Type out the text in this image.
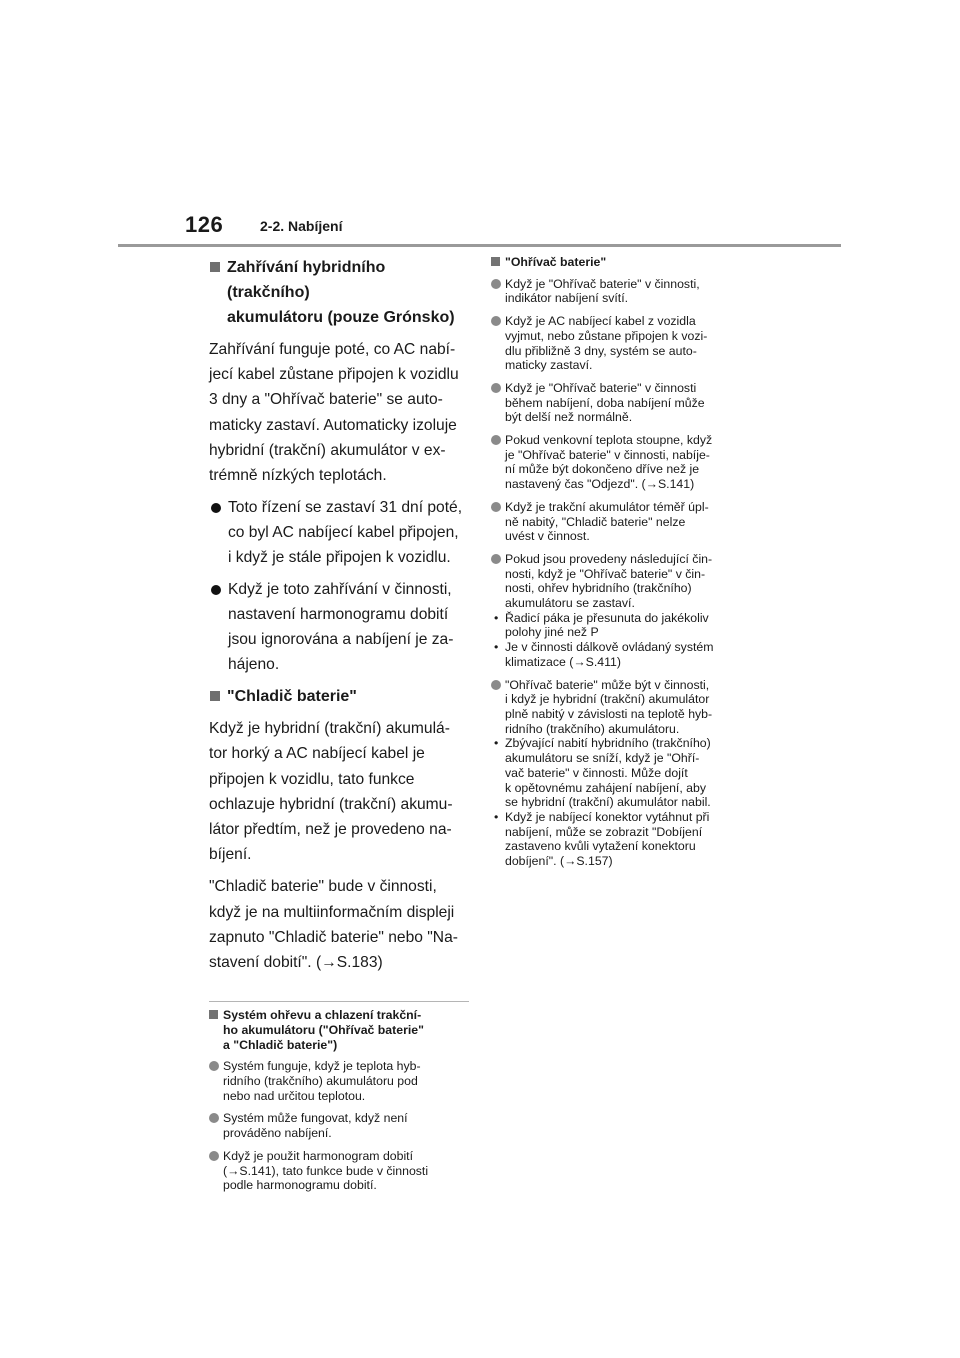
126	2-2. Nabíjení
Zahřívání hybridního (trakčního)
akumulátoru (pouze Grónsko)
Zahřívání funguje poté, co AC nabí-
jecí kabel zůstane připojen k vozidlu
3 dny a "Ohřívač baterie" se auto-
maticky zastaví. Automaticky izoluje
hybridní (trakční) akumulátor v ex-
trémně nízkých teplotách.
Toto řízení se zastaví 31 dní poté,
co byl AC nabíjecí kabel připojen,
i když je stále připojen k vozidlu.
Když je toto zahřívání v činnosti,
nastavení harmonogramu dobití
jsou ignorována a nabíjení je za-
hájeno.
"Chladič baterie"
Když je hybridní (trakční) akumulá-
tor horký a AC nabíjecí kabel je
připojen k vozidlu, tato funkce
ochlazuje hybridní (trakční) akumu-
látor předtím, než je provedeno na-
bíjení.
"Chladič baterie" bude v činnosti,
když je na multiinformačním displeji
zapnuto "Chladič baterie" nebo "Na-
stavení dobití". (→S.183)
Systém ohřevu a chlazení trakční-
ho akumulátoru ("Ohřívač baterie"
a "Chladič baterie")
Systém funguje, když je teplota hyb-
ridního (trakčního) akumulátoru pod
nebo nad určitou teplotou.
Systém může fungovat, když není
prováděno nabíjení.
Když je použit harmonogram dobití
(→S.141), tato funkce bude v činnosti
podle harmonogramu dobití.
"Ohřívač baterie"
Když je "Ohřívač baterie" v činnosti,
indikátor nabíjení svítí.
Když je AC nabíjecí kabel z vozidla
vyjmut, nebo zůstane připojen k vozi-
dlu přibližně 3 dny, systém se auto-
maticky zastaví.
Když je "Ohřívač baterie" v činnosti
během nabíjení, doba nabíjení může
být delší než normálně.
Pokud venkovní teplota stoupne, když
je "Ohřívač baterie" v činnosti, nabíje-
ní může být dokončeno dříve než je
nastavený čas "Odjezd". (→S.141)
Když je trakční akumulátor téměř úpl-
ně nabitý, "Chladič baterie" nelze
uvést v činnost.
Pokud jsou provedeny následující čin-
nosti, když je "Ohřívač baterie" v čin-
nosti, ohřev hybridního (trakčního)
akumulátoru se zastaví.
• Řadicí páka je přesunuta do jakékoliv
polohy jiné než P
• Je v činnosti dálkově ovládaný systém
klimatizace (→S.411)
"Ohřívač baterie" může být v činnosti,
i když je hybridní (trakční) akumulátor
plně nabitý v závislosti na teplotě hyb-
ridního (trakčního) akumulátoru.
• Zbývající nabití hybridního (trakčního)
akumulátoru se sníží, když je "Ohří-
vač baterie" v činnosti. Může dojít
k opětovnému zahájení nabíjení, aby
se hybridní (trakční) akumulátor nabil.
• Když je nabíjecí konektor vytáhnut při
nabíjení, může se zobrazit "Dobíjení
zastaveno kvůli vytažení konektoru
dobíjení". (→S.157)
